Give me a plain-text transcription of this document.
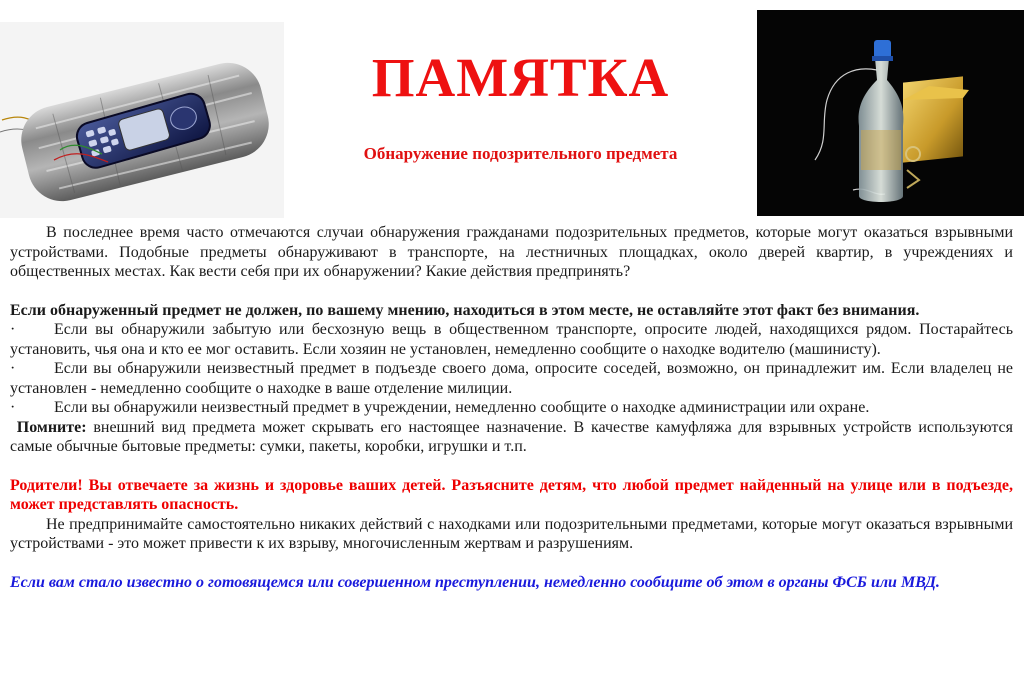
ПАМЯТКА
Обнаружение подозрительного предмета

В последнее время часто отмечаются случаи обнаружения гражданами подозрительных предметов, которые могут оказаться взрывными устройствами. Подобные предметы обнаруживают в транспорте, на лестничных площадках, около дверей квартир, в учреждениях и общественных местах. Как вести себя при их обнаружении? Какие действия предпринять?

Если обнаруженный предмет не должен, по вашему мнению, находиться в этом месте, не оставляйте этот факт без внимания.

· Если вы обнаружили забытую или бесхозную вещь в общественном транспорте, опросите людей, находящихся рядом. Постарайтесь установить, чья она и кто ее мог оставить. Если хозяин не установлен, немедленно сообщите о находке водителю (машинисту).

· Если вы обнаружили неизвестный предмет в подъезде своего дома, опросите соседей, возможно, он принадлежит им. Если владелец не установлен - немедленно сообщите о находке в ваше отделение милиции.

· Если вы обнаружили неизвестный предмет в учреждении, немедленно сообщите о находке администрации или охране.

Помните: внешний вид предмета может скрывать его настоящее назначение. В качестве камуфляжа для взрывных устройств используются самые обычные бытовые предметы: сумки, пакеты, коробки, игрушки и т.п.

Родители! Вы отвечаете за жизнь и здоровье ваших детей. Разъясните детям, что любой предмет найденный на улице или в подъезде, может представлять опасность.

Не предпринимайте самостоятельно никаких действий с находками или подозрительными предметами, которые могут оказаться взрывными устройствами - это может привести к их взрыву, многочисленным жертвам и разрушениям.

Если вам стало известно о готовящемся или совершенном преступлении, немедленно сообщите об этом в органы ФСБ или МВД.
